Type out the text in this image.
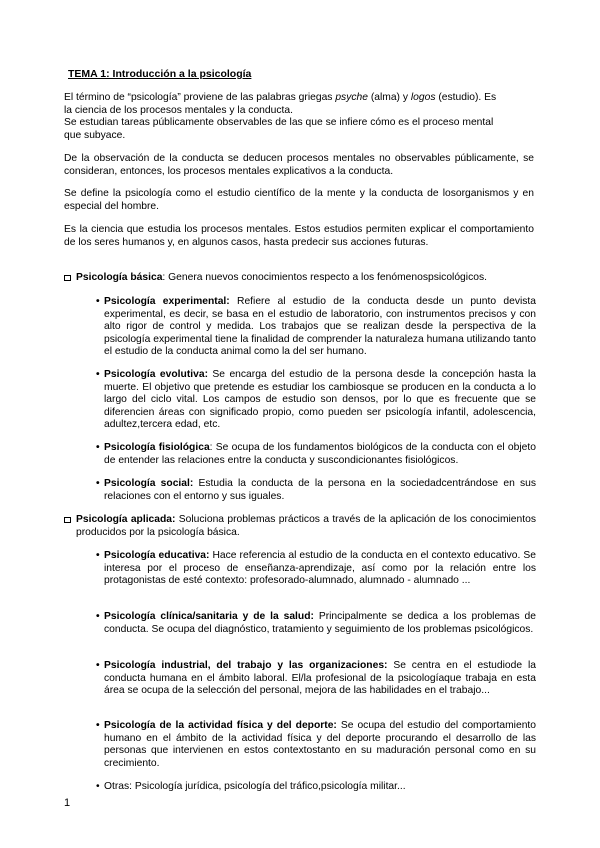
TEMA 1: Introducción a la psicología
El término de “psicología” proviene de las palabras griegas psyche (alma) y logos (estudio). Es
la ciencia de los procesos mentales y la conducta.
Se estudian tareas públicamente observables de las que se infiere cómo es el proceso mental
que subyace.
De la observación de la conducta se deducen procesos mentales no observables públicamente, se consideran, entonces, los procesos mentales explicativos a la conducta.
Se define la psicología como el estudio científico de la mente y la conducta de losorganismos y en especial del hombre.
Es la ciencia que estudia los procesos mentales. Estos estudios permiten explicar el comportamiento de los seres humanos y, en algunos casos, hasta predecir sus acciones futuras.
Psicología básica: Genera nuevos conocimientos respecto a los fenómenospsicológicos.
• Psicología experimental: Refiere al estudio de la conducta desde un punto devista experimental, es decir, se basa en el estudio de laboratorio, con instrumentos precisos y con alto rigor de control y medida. Los trabajos que se realizan desde la perspectiva de la psicología experimental tiene la finalidad de comprender la naturaleza humana utilizando tanto el estudio de la conducta animal como la del ser humano.
• Psicología evolutiva: Se encarga del estudio de la persona desde la concepción hasta la muerte. El objetivo que pretende es estudiar los cambiosque se producen en la conducta a lo largo del ciclo vital. Los campos de estudio son densos, por lo que es frecuente que se diferencien áreas con significado propio, como pueden ser psicología infantil, adolescencia, adultez,tercera edad, etc.
• Psicología fisiológica: Se ocupa de los fundamentos biológicos de la conducta con el objeto de entender las relaciones entre la conducta y suscondicionantes fisiológicos.
• Psicología social: Estudia la conducta de la persona en la sociedadcentrándose en sus relaciones con el entorno y sus iguales.
Psicología aplicada: Soluciona problemas prácticos a través de la aplicación de los conocimientos producidos por la psicología básica.
• Psicología educativa: Hace referencia al estudio de la conducta en el contexto educativo. Se interesa por el proceso de enseñanza-aprendizaje, así como por la relación entre los protagonistas de esté contexto: profesorado-alumnado, alumnado - alumnado ...
• Psicología clínica/sanitaria y de la salud: Principalmente se dedica a los problemas de conducta. Se ocupa del diagnóstico, tratamiento y seguimiento de los problemas psicológicos.
• Psicología industrial, del trabajo y las organizaciones: Se centra en el estudiode la conducta humana en el ámbito laboral. El/la profesional de la psicologíaque trabaja en esta área se ocupa de la selección del personal, mejora de las habilidades en el trabajo...
• Psicología de la actividad física y del deporte: Se ocupa del estudio del comportamiento humano en el ámbito de la actividad física y del deporte procurando el desarrollo de las personas que intervienen en estos contextostanto en su maduración personal como en su crecimiento.
• Otras: Psicología jurídica, psicología del tráfico,psicología militar...
1
